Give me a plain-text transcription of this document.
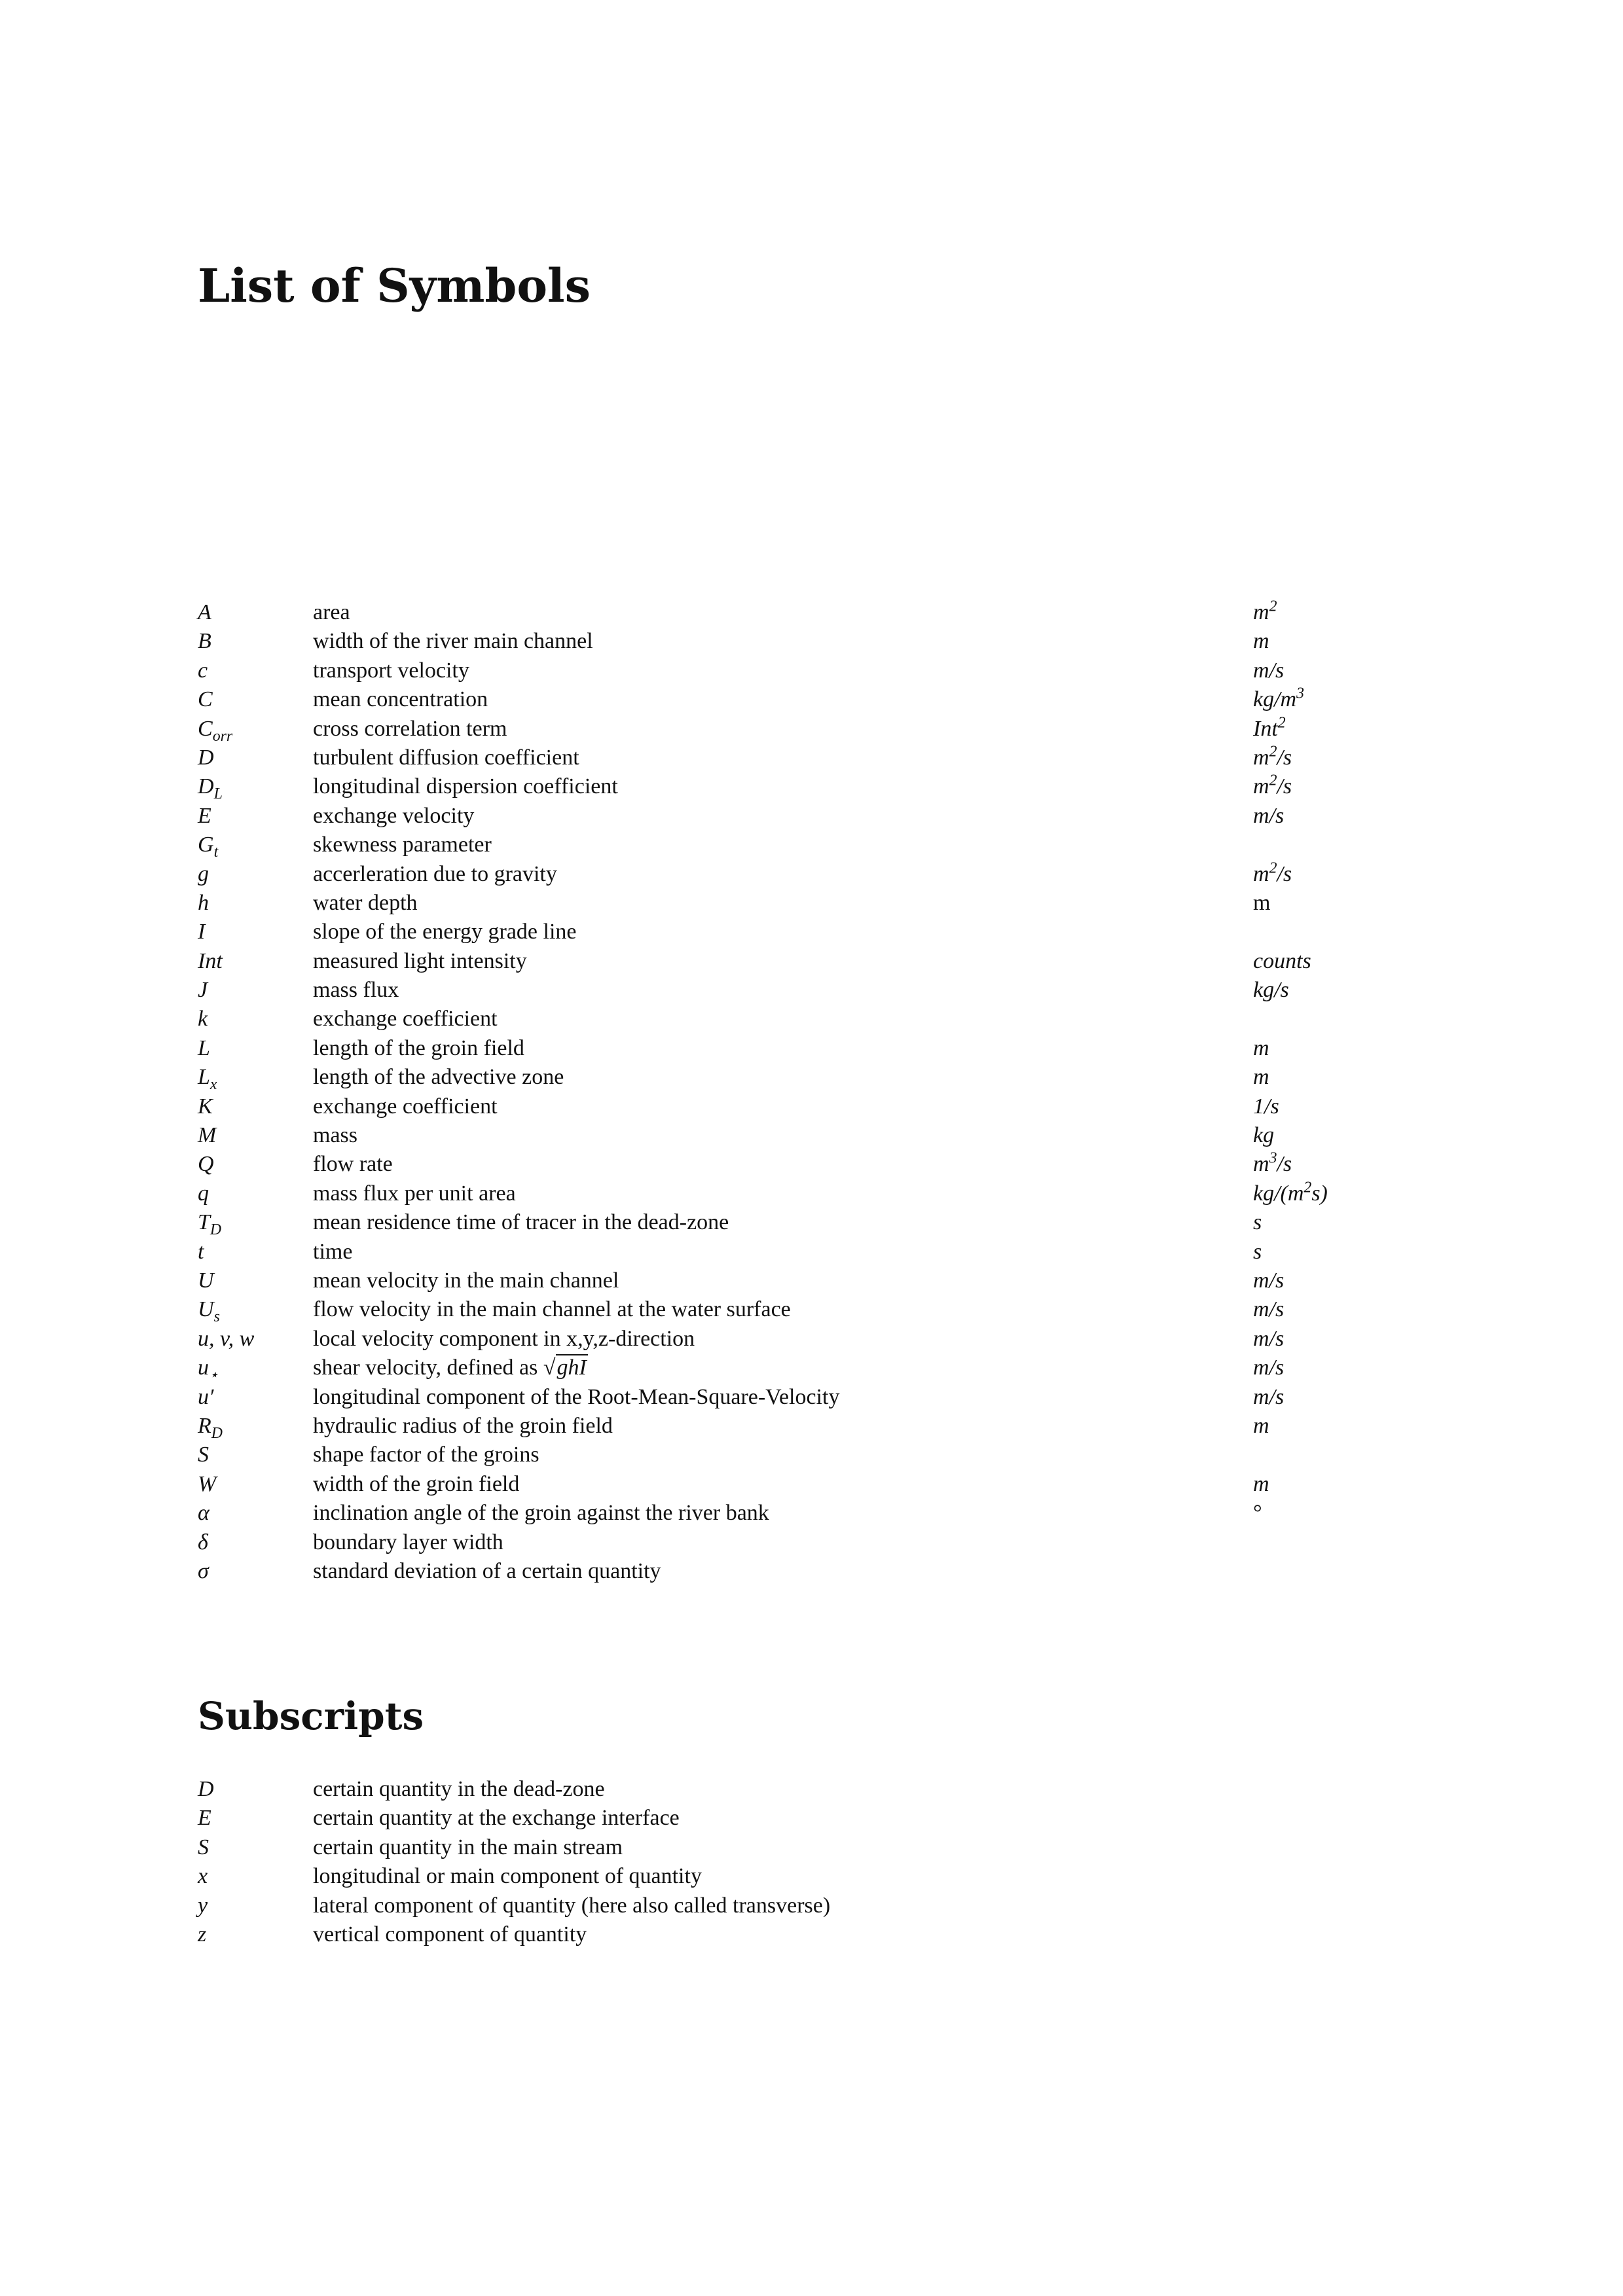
List of Symbols
A	area	$m^2$
B	width of the river main channel	m
c	transport velocity	m/s
C	mean concentration	$kg/m^3$
$C_{orr}$	cross correlation term	Int$^2$
D	turbulent diffusion coefficient	$m^2/s$
$D_L$	longitudinal dispersion coefficient	$m^2/s$
E	exchange velocity	m/s
$G_t$	skewness parameter
g	accerleration due to gravity	$m^2/s$
h	water depth	m
I	slope of the energy grade line
Int	measured light intensity	counts
J	mass flux	kg/s
k	exchange coefficient
L	length of the groin field	m
$L_x$	length of the advective zone	m
K	exchange coefficient	1/s
M	mass	kg
Q	flow rate	$m^3/s$
q	mass flux per unit area	$kg/(m^2s)$
$T_D$	mean residence time of tracer in the dead-zone	s
t	time	s
U	mean velocity in the main channel	m/s
$U_s$	flow velocity in the main channel at the water surface	m/s
u, v, w	local velocity component in x,y,z-direction	m/s
$u_⋆$	shear velocity, defined as √ghI	m/s
u′	longitudinal component of the Root-Mean-Square-Velocity	m/s
$R_D$	hydraulic radius of the groin field	m
S	shape factor of the groins
W	width of the groin field	m
α	inclination angle of the groin against the river bank	°
δ	boundary layer width
σ	standard deviation of a certain quantity
Subscripts
D	certain quantity in the dead-zone
E	certain quantity at the exchange interface
S	certain quantity in the main stream
x	longitudinal or main component of quantity
y	lateral component of quantity (here also called transverse)
z	vertical component of quantity
